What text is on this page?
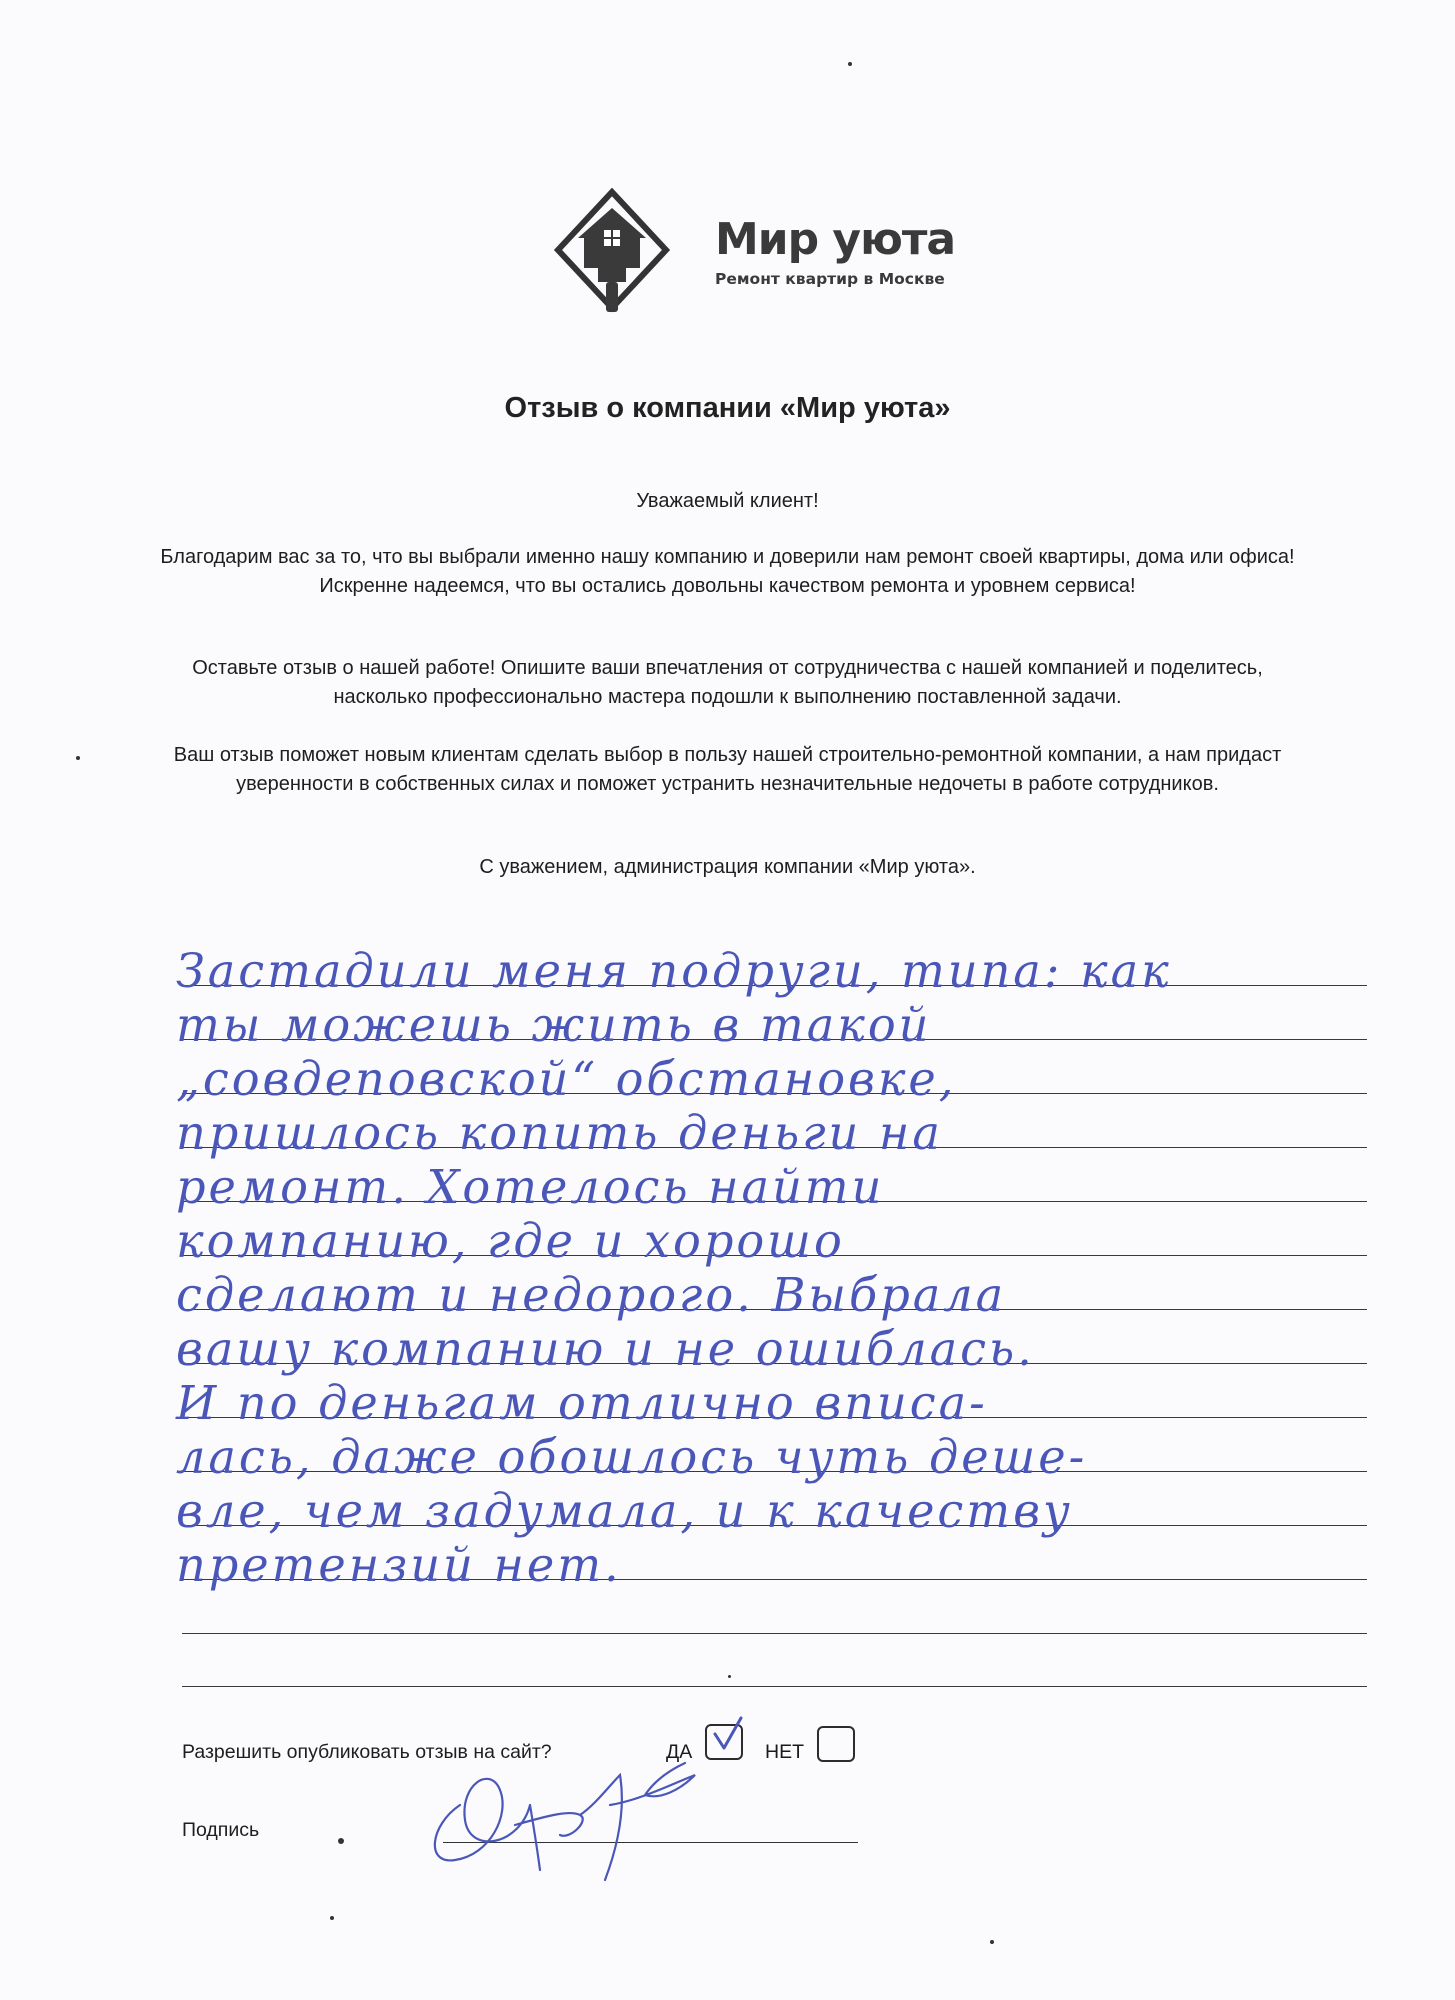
Мир уюта
Ремонт квартир в Москве
Отзыв о компании «Мир уюта»
Уважаемый клиент!
Благодарим вас за то, что вы выбрали именно нашу компанию и доверили нам ремонт своей квартиры, дома или офиса! Искренне надеемся, что вы остались довольны качеством ремонта и уровнем сервиса!
Оставьте отзыв о нашей работе! Опишите ваши впечатления от сотрудничества с нашей компанией и поделитесь, насколько профессионально мастера подошли к выполнению поставленной задачи.
Ваш отзыв поможет новым клиентам сделать выбор в пользу нашей строительно-ремонтной компании, а нам придаст уверенности в собственных силах и поможет устранить незначительные недочеты в работе сотрудников.
С уважением, администрация компании «Мир уюта».
Застадили меня подруги, типа: как
ты можешь жить в такой
„совдеповской“ обстановке,
пришлось копить деньги на
ремонт. Хотелось найти
компанию, где и хорошо
сделают и недорого. Выбрала
вашу компанию и не ошиблась.
И по деньгам отлично вписа-
лась, даже обошлось чуть деше-
вле, чем задумала, и к качеству
претензий нет.
Разрешить опубликовать отзыв на сайт?	ДА	НЕТ
Подпись
